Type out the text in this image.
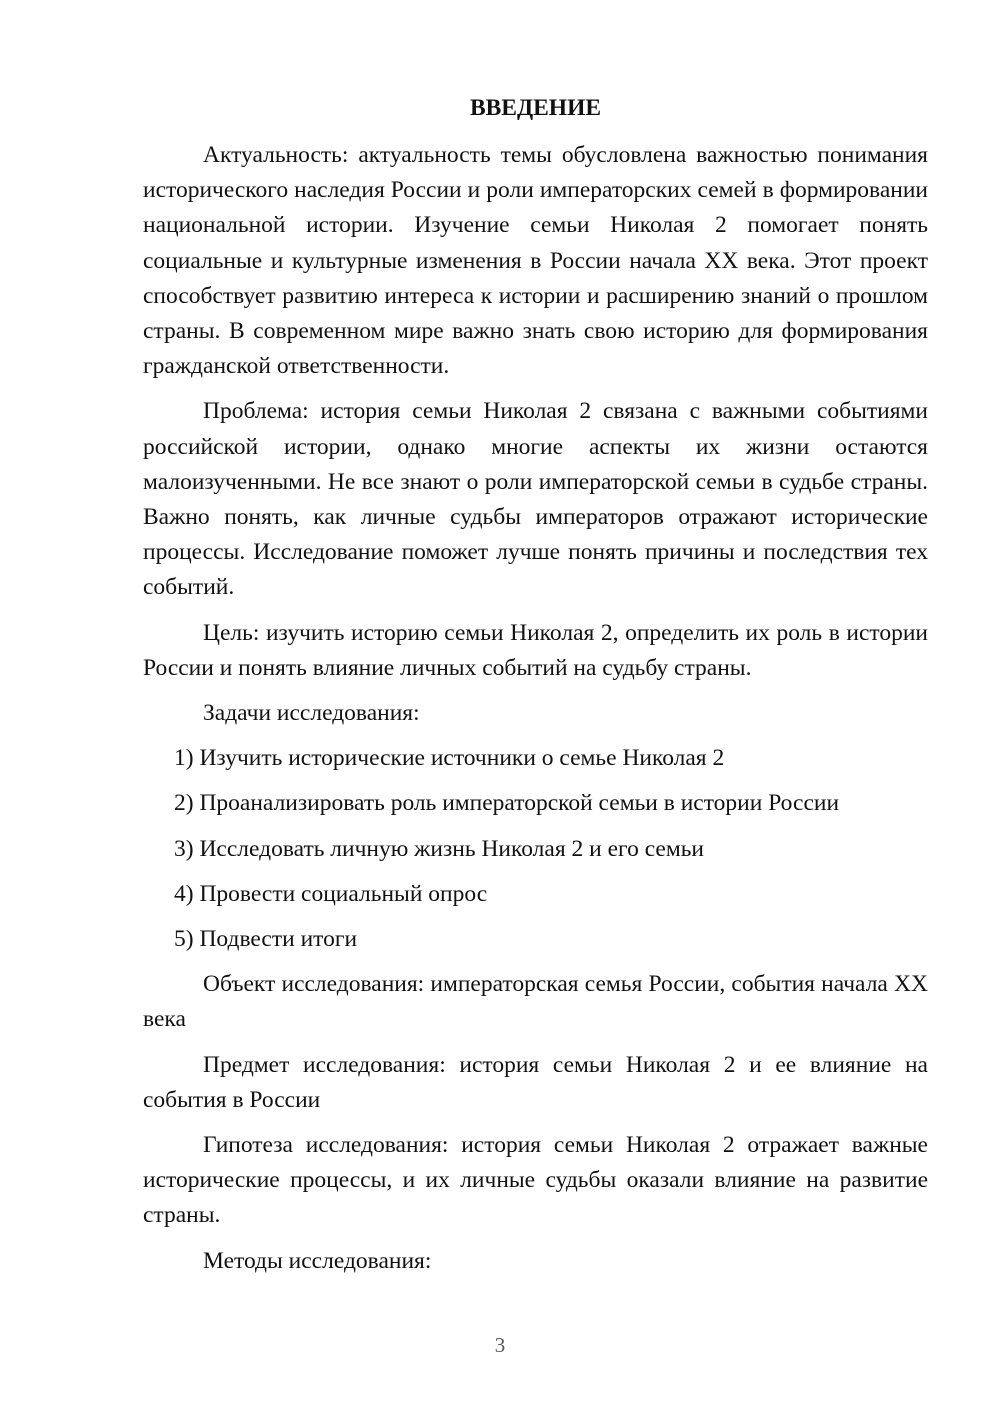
ВВЕДЕНИЕ

Актуальность: актуальность темы обусловлена важностью понимания исторического наследия России и роли императорских семей в формировании национальной истории. Изучение семьи Николая 2 помогает понять социальные и культурные изменения в России начала XX века. Этот проект способствует развитию интереса к истории и расширению знаний о прошлом страны. В современном мире важно знать свою историю для формирования гражданской ответственности.

Проблема: история семьи Николая 2 связана с важными событиями российской истории, однако многие аспекты их жизни остаются малоизученными. Не все знают о роли императорской семьи в судьбе страны. Важно понять, как личные судьбы императоров отражают исторические процессы. Исследование поможет лучше понять причины и последствия тех событий.

Цель: изучить историю семьи Николая 2, определить их роль в истории России и понять влияние личных событий на судьбу страны.

Задачи исследования:
1) Изучить исторические источники о семье Николая 2
2) Проанализировать роль императорской семьи в истории России
3) Исследовать личную жизнь Николая 2 и его семьи
4) Провести социальный опрос
5) Подвести итоги

Объект исследования: императорская семья России, события начала XX века

Предмет исследования: история семьи Николая 2 и ее влияние на события в России

Гипотеза исследования: история семьи Николая 2 отражает важные исторические процессы, и их личные судьбы оказали влияние на развитие страны.

Методы исследования:

3
